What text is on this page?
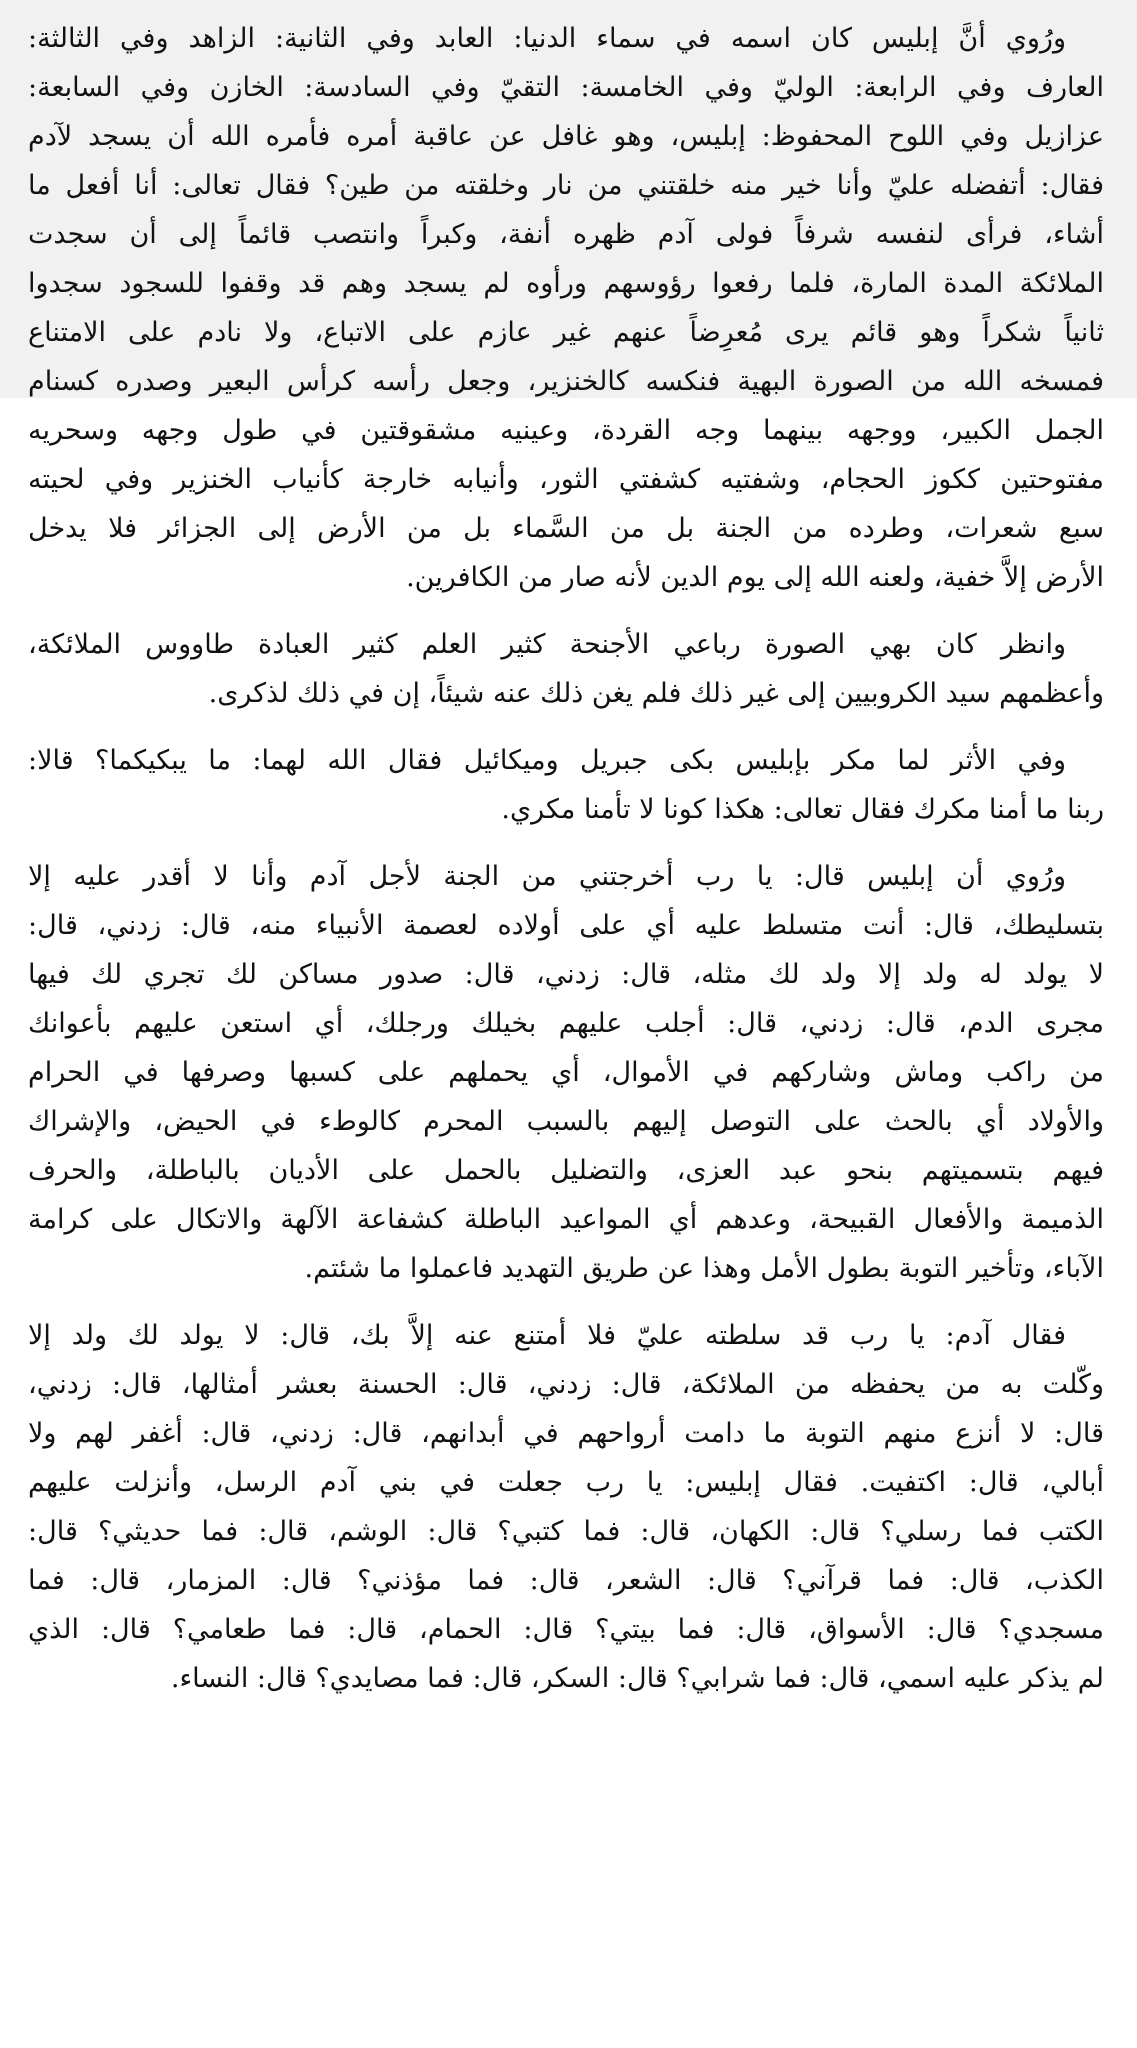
ورُوي أنَّ إبليس كان اسمه في سماء الدنيا: العابد وفي الثانية: الزاهد وفي الثالثة:
العارف وفي الرابعة: الوليّ وفي الخامسة: التقيّ وفي السادسة: الخازن وفي السابعة:
عزازيل وفي اللوح المحفوظ: إبليس، وهو غافل عن عاقبة أمره فأمره الله أن يسجد لآدم
فقال: أتفضله عليّ وأنا خير منه خلقتني من نار وخلقته من طين؟ فقال تعالى: أنا أفعل ما
أشاء، فرأى لنفسه شرفاً فولى آدم ظهره أنفة، وكبراً وانتصب قائماً إلى أن سجدت
الملائكة المدة المارة، فلما رفعوا رؤوسهم ورأوه لم يسجد وهم قد وقفوا للسجود سجدوا
ثانياً شكراً وهو قائم يرى مُعرِضاً عنهم غير عازم على الاتباع، ولا نادم على الامتناع
فمسخه الله من الصورة البهية فنكسه كالخنزير، وجعل رأسه كرأس البعير وصدره كسنام
الجمل الكبير، ووجهه بينهما وجه القردة، وعينيه مشقوقتين في طول وجهه وسحريه
مفتوحتين ككوز الحجام، وشفتيه كشفتي الثور، وأنيابه خارجة كأنياب الخنزير وفي لحيته
سبع شعرات، وطرده من الجنة بل من السَّماء بل من الأرض إلى الجزائر فلا يدخل
الأرض إلاَّ خفية، ولعنه الله إلى يوم الدين لأنه صار من الكافرين.
وانظر كان بهي الصورة رباعي الأجنحة كثير العلم كثير العبادة طاووس الملائكة،
وأعظمهم سيد الكروبيين إلى غير ذلك فلم يغن ذلك عنه شيئاً، إن في ذلك لذكرى.
وفي الأثر لما مكر بإبليس بكى جبريل وميكائيل فقال الله لهما: ما يبكيكما؟ قالا:
ربنا ما أمنا مكرك فقال تعالى: هكذا كونا لا تأمنا مكري.
ورُوي أن إبليس قال: يا رب أخرجتني من الجنة لأجل آدم وأنا لا أقدر عليه إلا
بتسليطك، قال: أنت متسلط عليه أي على أولاده لعصمة الأنبياء منه، قال: زدني، قال:
لا يولد له ولد إلا ولد لك مثله، قال: زدني، قال: صدور مساكن لك تجري لك فيها
مجرى الدم، قال: زدني، قال: أجلب عليهم بخيلك ورجلك، أي استعن عليهم بأعوانك
من راكب وماش وشاركهم في الأموال، أي يحملهم على كسبها وصرفها في الحرام
والأولاد أي بالحث على التوصل إليهم بالسبب المحرم كالوطء في الحيض، والإشراك
فيهم بتسميتهم بنحو عبد العزى، والتضليل بالحمل على الأديان بالباطلة، والحرف
الذميمة والأفعال القبيحة، وعدهم أي المواعيد الباطلة كشفاعة الآلهة والاتكال على كرامة
الآباء، وتأخير التوبة بطول الأمل وهذا عن طريق التهديد فاعملوا ما شئتم.
فقال آدم: يا رب قد سلطته عليّ فلا أمتنع عنه إلاَّ بك، قال: لا يولد لك ولد إلا
وكّلت به من يحفظه من الملائكة، قال: زدني، قال: الحسنة بعشر أمثالها، قال: زدني،
قال: لا أنزع منهم التوبة ما دامت أرواحهم في أبدانهم، قال: زدني، قال: أغفر لهم ولا
أبالي، قال: اكتفيت. فقال إبليس: يا رب جعلت في بني آدم الرسل، وأنزلت عليهم
الكتب فما رسلي؟ قال: الكهان، قال: فما كتبي؟ قال: الوشم، قال: فما حديثي؟ قال:
الكذب، قال: فما قرآني؟ قال: الشعر، قال: فما مؤذني؟ قال: المزمار، قال: فما
مسجدي؟ قال: الأسواق، قال: فما بيتي؟ قال: الحمام، قال: فما طعامي؟ قال: الذي
لم يذكر عليه اسمي، قال: فما شرابي؟ قال: السكر، قال: فما مصايدي؟ قال: النساء.
